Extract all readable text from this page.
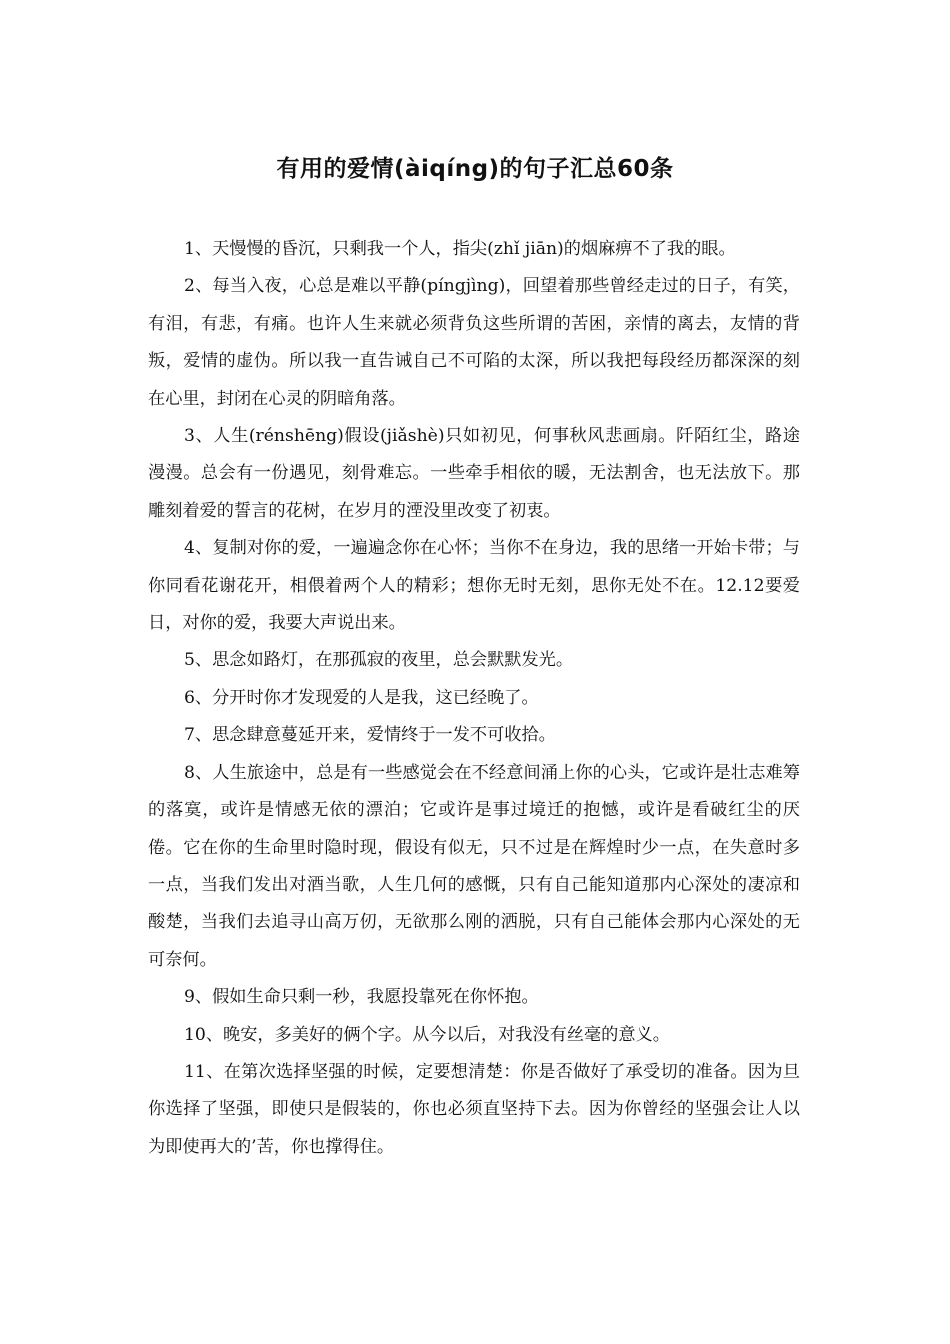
有用的爱情(àiqíng)的句子汇总60条

1、天慢慢的昏沉，只剩我一个人，指尖(zhǐ jiān)的烟麻痹不了我的眼。

2、每当入夜，心总是难以平静(píngjìng)，回望着那些曾经走过的日子，有笑，有泪，有悲，有痛。也许人生来就必须背负这些所谓的苦困，亲情的离去，友情的背叛，爱情的虚伪。所以我一直告诫自己不可陷的太深，所以我把每段经历都深深的刻在心里，封闭在心灵的阴暗角落。

3、人生(rénshēng)假设(jiǎshè)只如初见，何事秋风悲画扇。阡陌红尘，路途漫漫。总会有一份遇见，刻骨难忘。一些牵手相依的暖，无法割舍，也无法放下。那雕刻着爱的誓言的花树，在岁月的湮没里改变了初衷。

4、复制对你的爱，一遍遍念你在心怀；当你不在身边，我的思绪一开始卡带；与你同看花谢花开，相偎着两个人的精彩；想你无时无刻，思你无处不在。12.12要爱日，对你的爱，我要大声说出来。

5、思念如路灯，在那孤寂的夜里，总会默默发光。

6、分开时你才发现爱的人是我，这已经晚了。

7、思念肆意蔓延开来，爱情终于一发不可收拾。

8、人生旅途中，总是有一些感觉会在不经意间涌上你的心头，它或许是壮志难筹的落寞，或许是情感无依的漂泊；它或许是事过境迁的抱憾，或许是看破红尘的厌倦。它在你的生命里时隐时现，假设有似无，只不过是在辉煌时少一点，在失意时多一点，当我们发出对酒当歌，人生几何的感慨，只有自己能知道那内心深处的凄凉和酸楚，当我们去追寻山高万仞，无欲那么刚的洒脱，只有自己能体会那内心深处的无可奈何。

9、假如生命只剩一秒，我愿投靠死在你怀抱。

10、晚安，多美好的俩个字。从今以后，对我没有丝毫的意义。

11、在第次选择坚强的时候，定要想清楚：你是否做好了承受切的准备。因为旦你选择了坚强，即使只是假装的，你也必须直坚持下去。因为你曾经的坚强会让人以为即使再大的’苦，你也撑得住。
